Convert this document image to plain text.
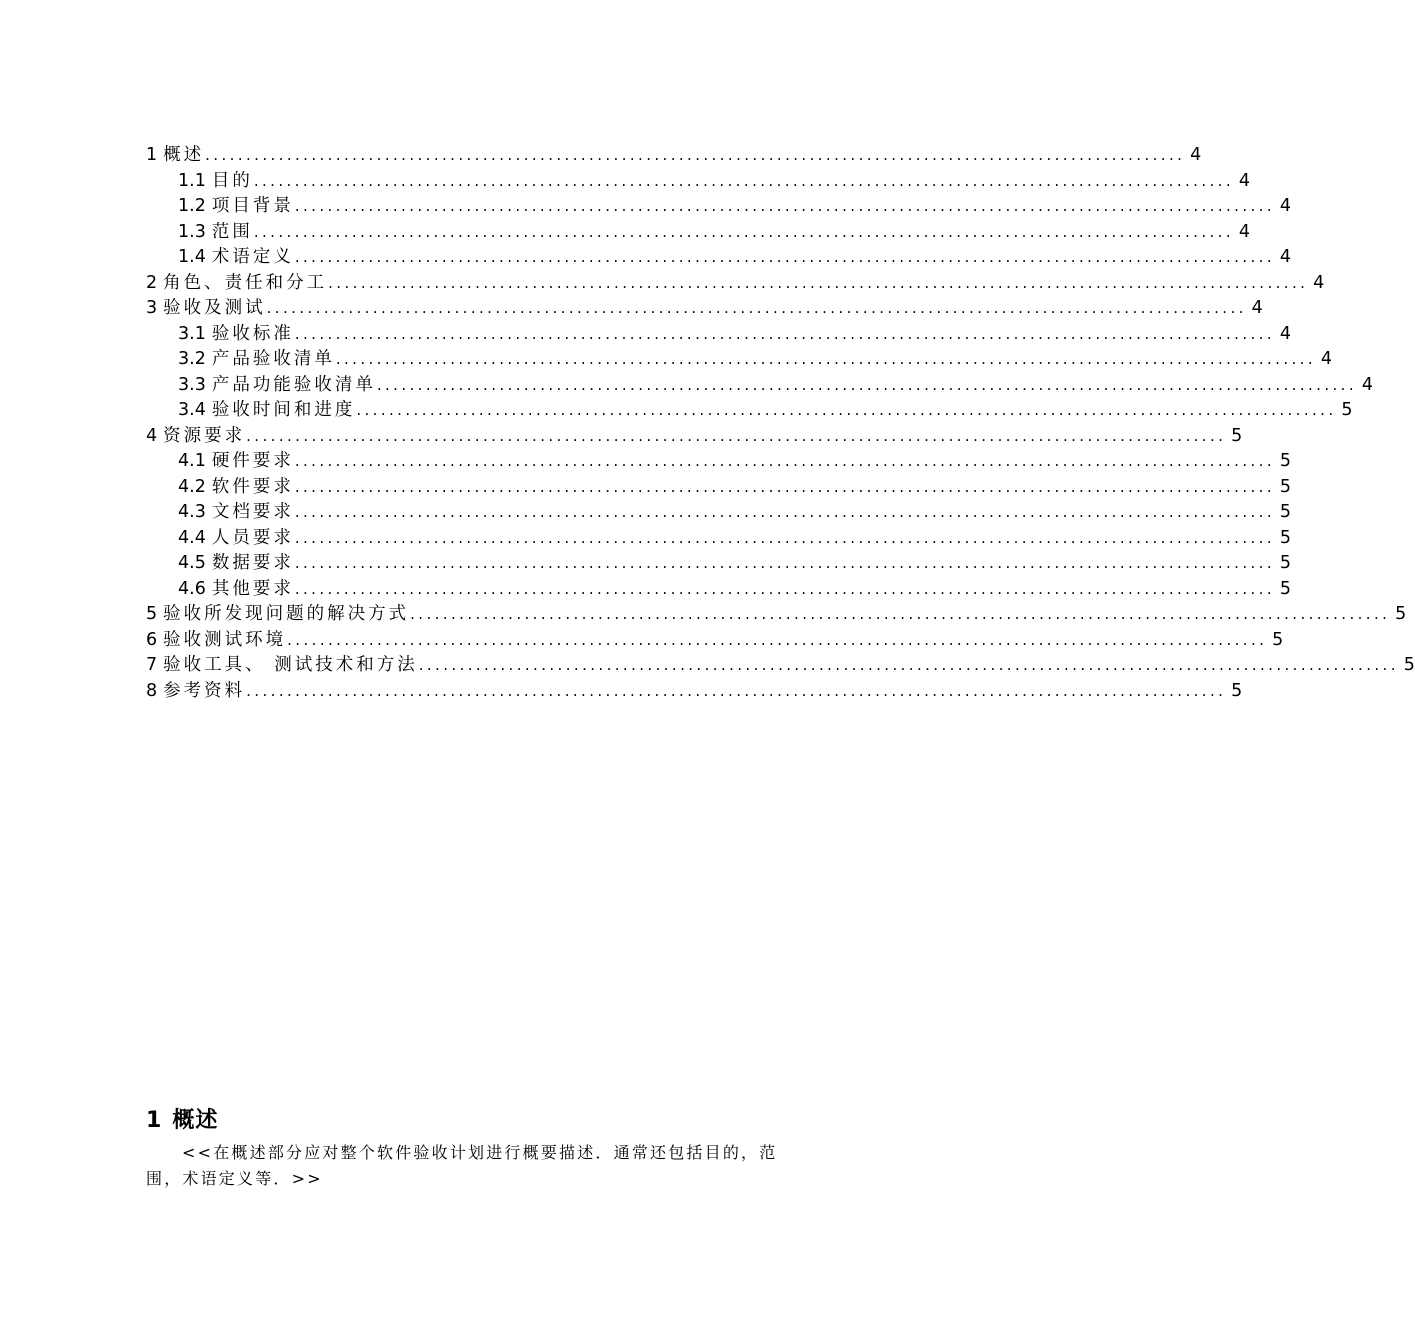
1 概述 ........................................................................................................................ 4
1.1 目的 ........................................................................................................................ 4
1.2 项目背景 ........................................................................................................................ 4
1.3 范围 ........................................................................................................................ 4
1.4 术语定义 ........................................................................................................................ 4
2 角色、责任和分工 ........................................................................................................................ 4
3 验收及测试 ........................................................................................................................ 4
3.1 验收标准 ........................................................................................................................ 4
3.2 产品验收清单 ........................................................................................................................ 4
3.3 产品功能验收清单 ........................................................................................................................ 4
3.4 验收时间和进度 ........................................................................................................................ 5
4 资源要求 ........................................................................................................................ 5
4.1 硬件要求 ........................................................................................................................ 5
4.2 软件要求 ........................................................................................................................ 5
4.3 文档要求 ........................................................................................................................ 5
4.4 人员要求 ........................................................................................................................ 5
4.5 数据要求 ........................................................................................................................ 5
4.6 其他要求 ........................................................................................................................ 5
5 验收所发现问题的解决方式 ........................................................................................................................ 5
6 验收测试环境 ........................................................................................................................ 5
7 验收工具、 测试技术和方法 ........................................................................................................................ 5
8 参考资料 ........................................................................................................................ 5
1 概述
<<在概述部分应对整个软件验收计划进行概要描述．通常还包括目的，范围，术语定义等．>>
